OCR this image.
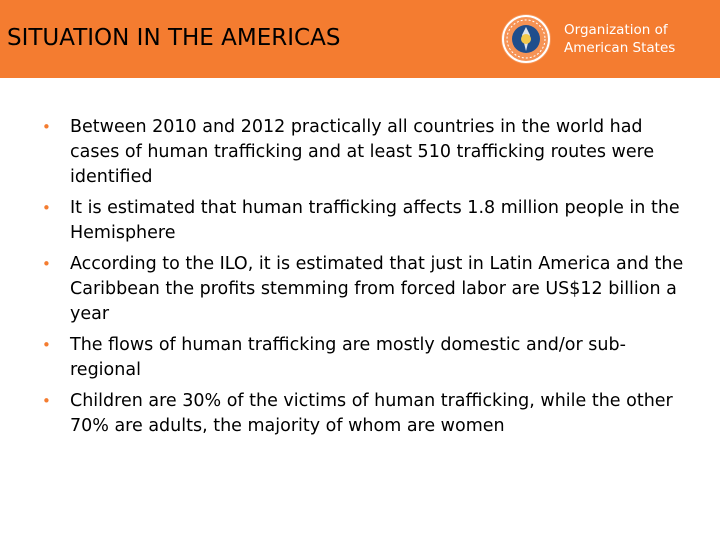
SITUATION IN THE AMERICAS	Organization of
American States
• Between 2010 and 2012 practically all countries in the world had cases of human trafficking and at least 510 trafficking routes were identified
• It is estimated that human trafficking affects 1.8 million people in the Hemisphere
• According to the ILO, it is estimated that just in Latin America and the Caribbean the profits stemming from forced labor are US$12 billion a year
• The flows of human trafficking are mostly domestic and/or sub-regional
• Children are 30% of the victims of human trafficking, while the other 70% are adults, the majority of whom are women
